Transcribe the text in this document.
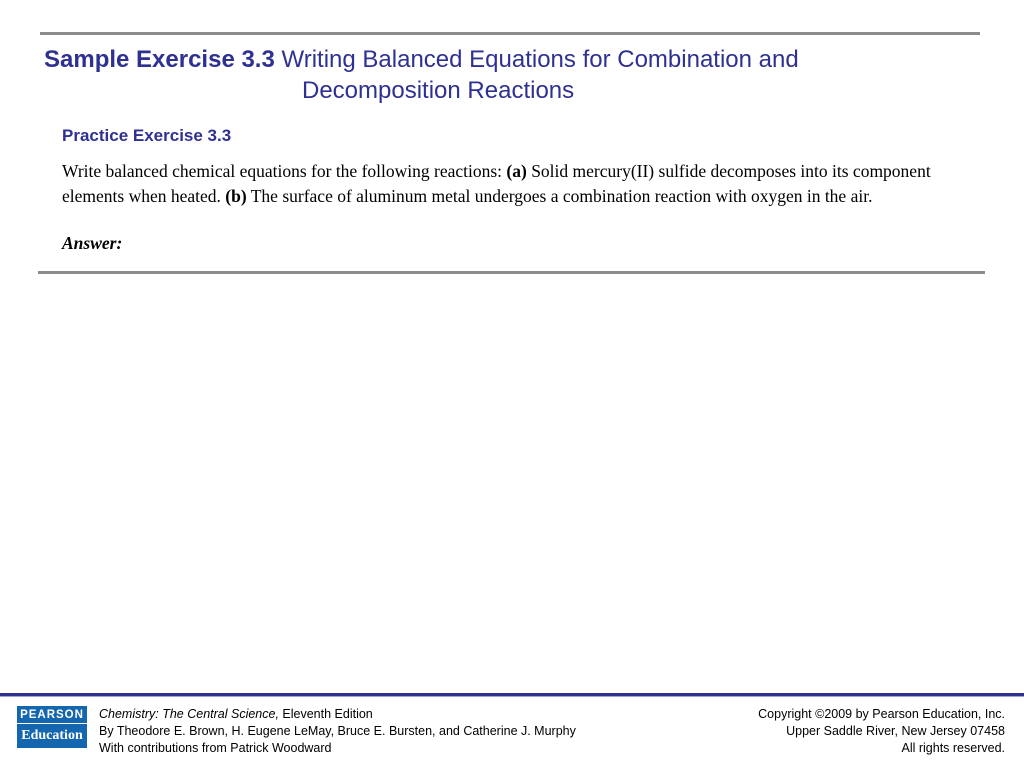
Sample Exercise 3.3 Writing Balanced Equations for Combination and
Decomposition Reactions
Practice Exercise 3.3
Write balanced chemical equations for the following reactions: (a) Solid mercury(II) sulfide decomposes into its component elements when heated. (b) The surface of aluminum metal undergoes a combination reaction with oxygen in the air.
Answer:
PEARSON
Education
Chemistry: The Central Science, Eleventh Edition
By Theodore E. Brown, H. Eugene LeMay, Bruce E. Bursten, and Catherine J. Murphy
With contributions from Patrick Woodward
Copyright ©2009 by Pearson Education, Inc.
Upper Saddle River, New Jersey 07458
All rights reserved.
